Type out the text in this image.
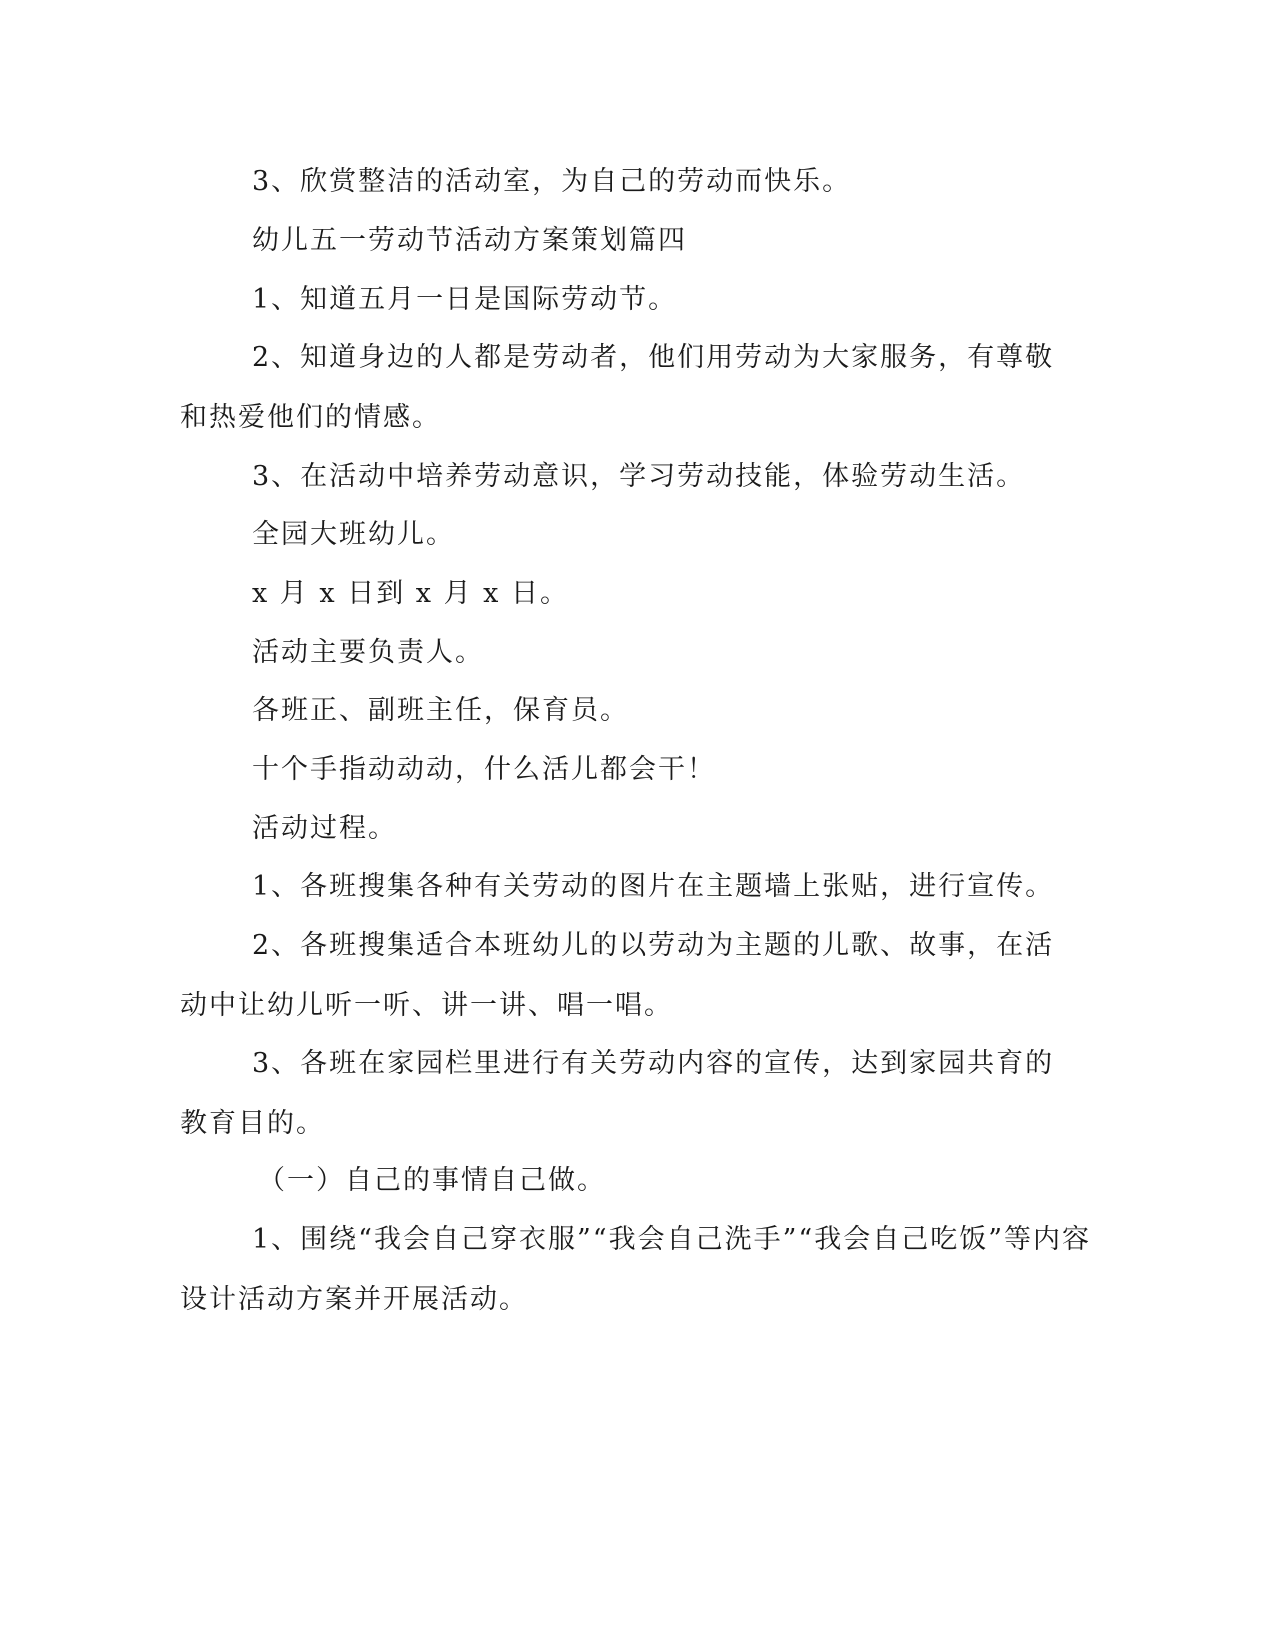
3、欣赏整洁的活动室，为自己的劳动而快乐。

幼儿五一劳动节活动方案策划篇四

1、知道五月一日是国际劳动节。

2、知道身边的人都是劳动者，他们用劳动为大家服务，有尊敬
和热爱他们的情感。

3、在活动中培养劳动意识，学习劳动技能，体验劳动生活。

全园大班幼儿。

x 月 x 日到 x 月 x 日。

活动主要负责人。

各班正、副班主任，保育员。

十个手指动动动，什么活儿都会干！

活动过程。

1、各班搜集各种有关劳动的图片在主题墙上张贴，进行宣传。

2、各班搜集适合本班幼儿的以劳动为主题的儿歌、故事，在活
动中让幼儿听一听、讲一讲、唱一唱。

3、各班在家园栏里进行有关劳动内容的宣传，达到家园共育的
教育目的。

（一）自己的事情自己做。

1、围绕“我会自己穿衣服”“我会自己洗手”“我会自己吃饭”等内容
设计活动方案并开展活动。
